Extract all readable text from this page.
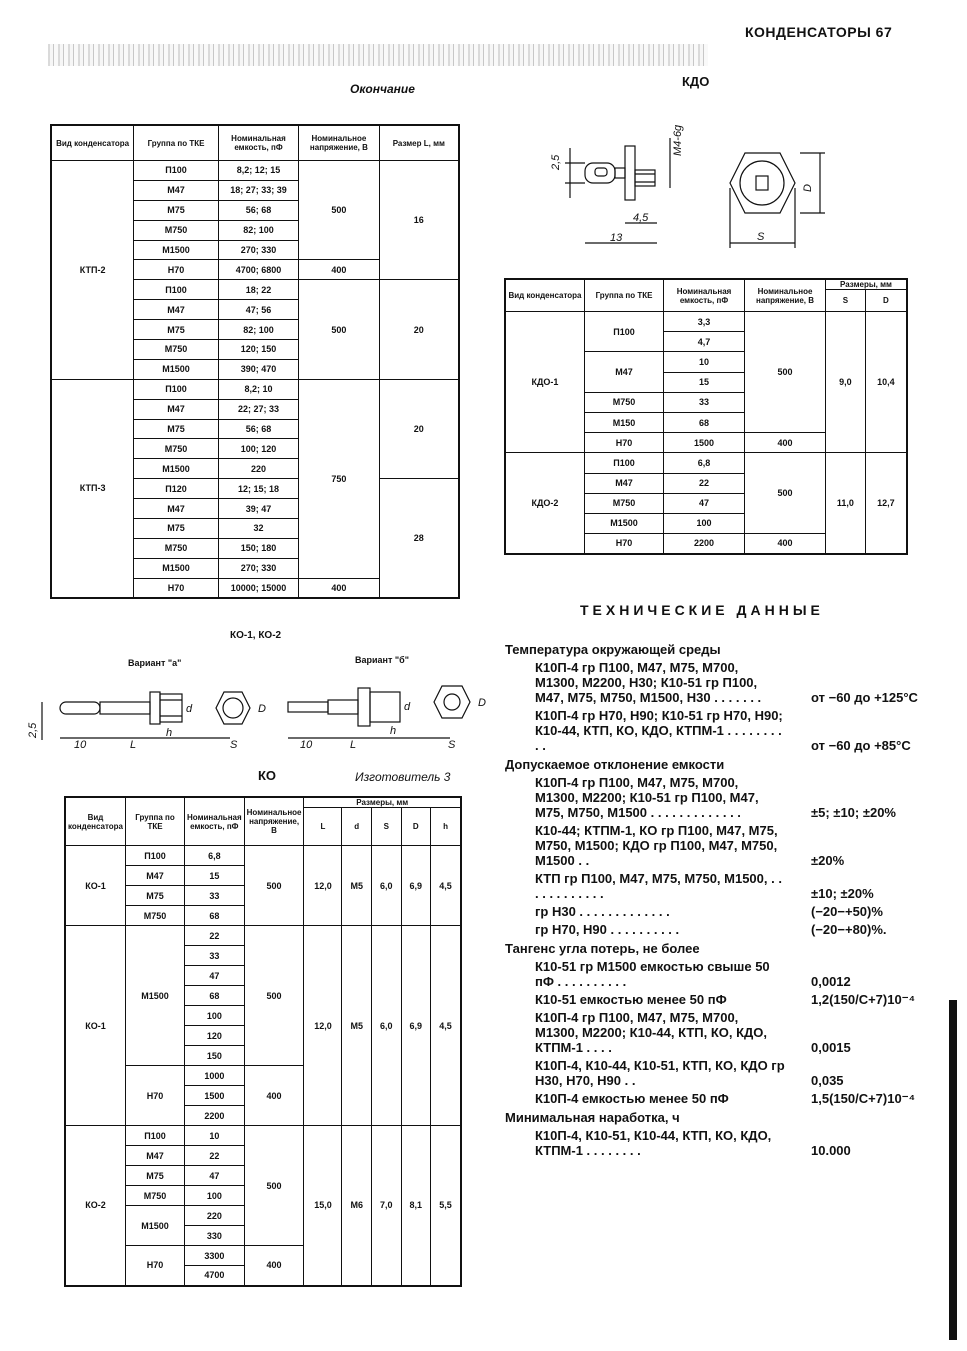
КОНДЕНСАТОРЫ 67
Окончание
Вид конденсатора	Группа по ТКЕ	Номинальная емкость, пФ	Номинальное напряжение, В	Размер L, мм
КТП-2	П100	8,2; 12; 15	500	16
	М47	18; 27; 33; 39		
	М75	56; 68		
	М750	82; 100		
	М1500	270; 330		
	Н70	4700; 6800	400	
	П100	18; 22	500	20
	М47	47; 56		
	М75	82; 100		
	М750	120; 150		
	М1500	390; 470		
КТП-3	П100	8,2; 10	750	20
	М47	22; 27; 33		
	М75	56; 68		
	М750	100; 120		
	М1500	220		
	П120	12; 15; 18		28
	М47	39; 47		
	М75	32		
	М750	150; 180		
	М1500	270; 330		
	Н70	10000; 15000	400	
КДО
2,5
М4-6g
4,5
13
D
S
Вид конденсатора	Группа по ТКЕ	Номинальная емкость, пФ	Номинальное напряжение, В	Размеры, мм	
				S	D
КДО-1	П100	3,3	500	9,0	10,4
		4,7			
	М47	10			
		15			
	М750	33			
	М150	68			
	Н70	1500	400		
КДО-2	П100	6,8	500	11,0	12,7
	М47	22			
	М750	47			
	М1500	100			
	Н70	2200	400		
КО-1, КО-2
Вариант "а"	Вариант "б"
2,5
10	L
h
d
S
D
10	L
h
d
S
D
КО	Изготовитель 3
Вид конденсатора	Группа по ТКЕ	Номинальная емкость, пФ	Номинальное напряжение, В	Размеры, мм				
				L	d	S	D	h
КО-1	П100	6,8	500	12,0	М5	6,0	6,9	4,5
	М47	15						
	М75	33						
	М750	68						
КО-1	М1500	22	500	12,0	М5	6,0	6,9	4,5
		33						
		47						
		68						
		100						
		120						
		150						
	Н70	1000	400					
		1500						
		2200						
КО-2	П100	10	500	15,0	М6	7,0	8,1	5,5
	М47	22						
	М75	47						
	М750	100						
	М1500	220						
		330						
	Н70	3300	400					
		4700						
ТЕХНИЧЕСКИЕ ДАННЫЕ
Температура окружающей среды
К10П-4 гр П100, М47, М75, М700, М1300, М2200, Н30; К10-51 гр П100, М47, М75, М750, М1500, Н30 . . . . . . .	от −60 до +125°С
К10П-4 гр Н70, Н90; К10-51 гр Н70, Н90; К10-44, КТП, КО, КДО, КТПМ-1 . . . . . . . . . .	от −60 до +85°С
Допускаемое отклонение емкости
К10П-4 гр П100, М47, М75, М700, М1300, М2200; К10-51 гр П100, М47, М75, М750, М1500 . . . . . . . . . . . . .	±5; ±10; ±20%
К10-44; КТПМ-1, КО гр П100, М47, М75, М750, М1500; КДО гр П100, М47, М750, М1500 . .	±20%
КТП гр П100, М47, М75, М750, М1500, . . . . . . . . . . . .	±10; ±20%
гр Н30 . . . . . . . . . . . . .	(−20−+50)%
гр Н70, Н90 . . . . . . . . . .	(−20−+80)%.
Тангенс угла потерь, не более
К10-51 гр М1500 емкостью свыше 50 пФ . . . . . . . . . .	0,0012
К10-51 емкостью менее 50 пФ	1,2(150/С+7)10⁻⁴
К10П-4 гр П100, М47, М75, М700, М1300, М2200; К10-44, КТП, КО, КДО, КТПМ-1 . . . .	0,0015
К10П-4, К10-44, К10-51, КТП, КО, КДО гр Н30, Н70, Н90 . .	0,035
К10П-4 емкостью менее 50 пФ	1,5(150/С+7)10⁻⁴
Минимальная наработка, ч
К10П-4, К10-51, К10-44, КТП, КО, КДО, КТПМ-1 . . . . . . . .	10.000
